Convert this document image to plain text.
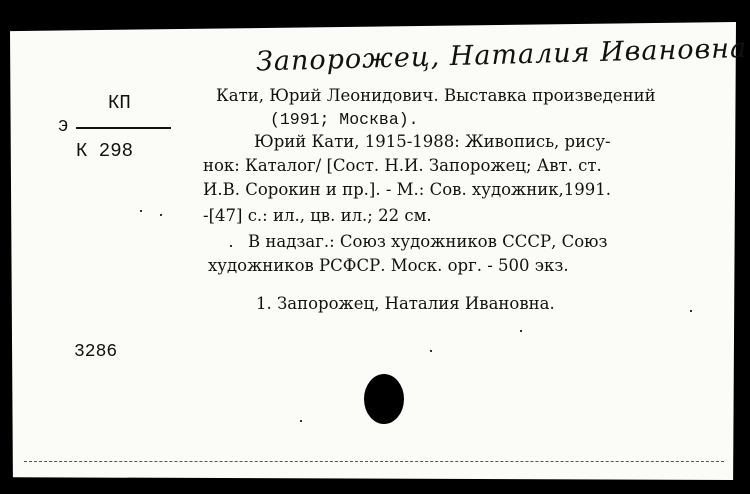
Запорожец, Наталия Ивановна
КП
Э
К 298
3286
Кати, Юрий Леонидович. Выставка произведений
(1991; Москва).
Юрий Кати, 1915-1988: Живопись, рису-
нок: Каталог/ [Сост. Н.И. Запорожец; Авт. ст.
И.В. Сорокин и пр.]. - М.: Сов. художник,1991.
-[47] с.: ил., цв. ил.; 22 см.
В надзаг.: Союз художников СССР, Союз
художников РСФСР. Моск. орг. - 500 экз.
1. Запорожец, Наталия Ивановна.
